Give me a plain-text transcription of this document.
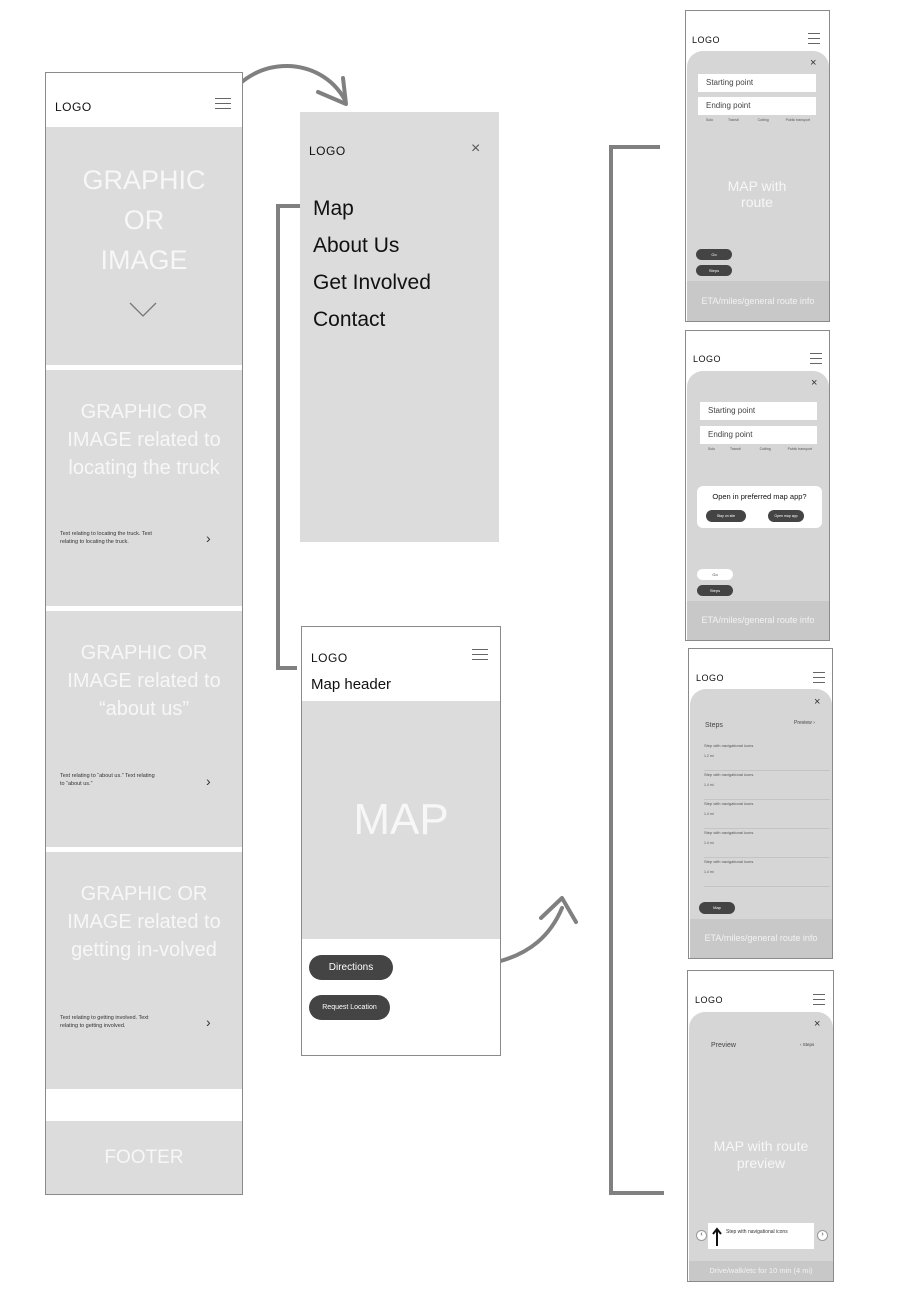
LOGO
GRAPHIC
OR
IMAGE
GRAPHIC OR IMAGE related to locating the truck
Text relating to locating the truck. Text relating to locating the truck.	›
GRAPHIC OR IMAGE related to “about us”
Text relating to “about us.” Text relating to “about us.”	›
GRAPHIC OR IMAGE related to getting in-volved
Text relating to getting involved. Text relating to getting involved.	›
FOOTER
LOGO	×
Map
About Us
Get Involved
Contact
LOGO
Map header
MAP
Directions
Request Location
LOGO
×
Starting point
Ending point
Solo	Transit	Cutting	Public transport
MAP with route
Go
Steps
ETA/miles/general route info
LOGO
×
Starting point
Ending point
Solo	Transit	Cutting	Public transport
Open in preferred map app?
Stay on site	Open map app
Go
Steps
ETA/miles/general route info
LOGO
×
Steps	Preview ›
Step with navigational icons
1.2 mi
Step with navigational icons
1.4 mi
Step with navigational icons
1.4 mi
Step with navigational icons
1.4 mi
Step with navigational icons
1.4 mi
Map
ETA/miles/general route info
LOGO
×
Preview	‹ Steps
MAP with route preview
‹	Step with navigational icons	›
Drive/walk/etc for 10 min (4 mi)
